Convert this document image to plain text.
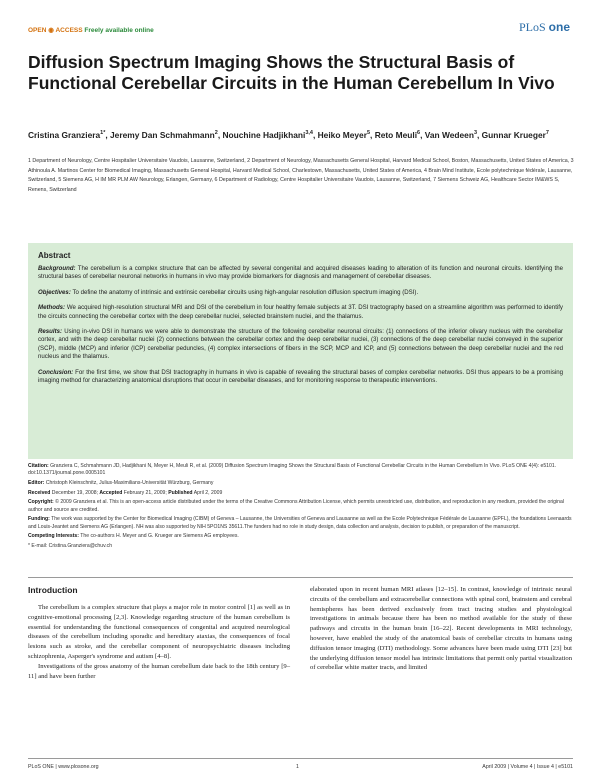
OPEN ◉ ACCESS Freely available online	PLoS one
Diffusion Spectrum Imaging Shows the Structural Basis of Functional Cerebellar Circuits in the Human Cerebellum In Vivo
Cristina Granziera$^{1*}$, Jeremy Dan Schmahmann$^2$, Nouchine Hadjikhani$^{3,4}$, Heiko Meyer$^5$, Reto Meuli$^6$, Van Wedeen$^3$, Gunnar Krueger$^7$
1 Department of Neurology, Centre Hospitalier Universitaire Vaudois, Lausanne, Switzerland, 2 Department of Neurology, Massachusetts General Hospital, Harvard Medical School, Boston, Massachusetts, United States of America, 3 Athinoula A. Martinos Center for Biomedical Imaging, Massachusetts General Hospital, Harvard Medical School, Charlestown, Massachusetts, United States of America, 4 Brain Mind Institute, Ecole polytechnique fédérale, Lausanne, Switzerland, 5 Siemens AG, H IM MR PLM AW Neurology, Erlangen, Germany, 6 Department of Radiology, Centre Hospitalier Universitaire Vaudois, Lausanne, Switzerland, 7 Siemens Schweiz AG, Healthcare Sector IM&WS S, Renens, Switzerland
Abstract

Background: The cerebellum is a complex structure that can be affected by several congenital and acquired diseases leading to alteration of its function and neuronal circuits. Identifying the structural bases of cerebellar neuronal networks in humans in vivo may provide biomarkers for diagnosis and management of cerebellar diseases.

Objectives: To define the anatomy of intrinsic and extrinsic cerebellar circuits using high-angular resolution diffusion spectrum imaging (DSI).

Methods: We acquired high-resolution structural MRI and DSI of the cerebellum in four healthy female subjects at 3T. DSI tractography based on a streamline algorithm was performed to identify the circuits connecting the cerebellar cortex with the deep cerebellar nuclei, selected brainstem nuclei, and the thalamus.

Results: Using in-vivo DSI in humans we were able to demonstrate the structure of the following cerebellar neuronal circuits: (1) connections of the inferior olivary nucleus with the cerebellar cortex, and with the deep cerebellar nuclei (2) connections between the cerebellar cortex and the deep cerebellar nuclei, (3) connections of the deep cerebellar nuclei conveyed in the superior (SCP), middle (MCP) and inferior (ICP) cerebellar peduncles, (4) complex intersections of fibers in the SCP, MCP and ICP, and (5) connections between the deep cerebellar nuclei and the red nucleus and the thalamus.

Conclusion: For the first time, we show that DSI tractography in humans in vivo is capable of revealing the structural bases of complex cerebellar networks. DSI thus appears to be a promising imaging method for characterizing anatomical disruptions that occur in cerebellar diseases, and for monitoring response to therapeutic interventions.

Citation: Granziera C, Schmahmann JD, Hadjikhani N, Meyer H, Meuli R, et al. (2009) Diffusion Spectrum Imaging Shows the Structural Basis of Functional Cerebellar Circuits in the Human Cerebellum In Vivo. PLoS ONE 4(4): e5101. doi:10.1371/journal.pone.0005101
Editor: Christoph Kleinschnitz, Julius-Maximilians-Universität Würzburg, Germany
Received December 19, 2008; Accepted February 21, 2009; Published April 2, 2009
Copyright: © 2009 Granziera et al. This is an open-access article distributed under the terms of the Creative Commons Attribution License, which permits unrestricted use, distribution, and reproduction in any medium, provided the original author and source are credited.
Funding: The work was supported by the Center for Biomedical Imaging (CIBM) of Geneva – Lausanne, the Universities of Geneva and Lausanne as well as the Ecole Polytechnique Fédérale de Lausanne (EPFL), the foundations Leenaards and Louis-Jeantet and Siemens AG (Erlangen). NH was also supported by NIH 5PO1NS 35611.The funders had no role in study design, data collection and analysis, decision to publish, or preparation of the manuscript.
Competing Interests: The co-authors H. Meyer and G. Krueger are Siemens AG employees.
* E-mail: Cristina.Granziera@chuv.ch
Introduction

The cerebellum is a complex structure that plays a major role in motor control [1] as well as in cognitive-emotional processing [2,3]. Knowledge regarding structure of the human cerebellum is essential for understanding the functional consequences of congenital and acquired neurological diseases of the cerebellum including sporadic and hereditary ataxias, the consequences of focal lesions such as stroke, and the cerebellar component of neuropsychiatric diseases including schizophrenia, Asperger's syndrome and autism [4–8].

Investigations of the gross anatomy of the human cerebellum date back to the 18th century [9–11] and have been further

elaborated upon in recent human MRI atlases [12–15]. In contrast, knowledge of intrinsic neural circuits of the cerebellum and extracerebellar connections with spinal cord, brainstem and cerebral hemispheres has been derived exclusively from tract tracing studies and physiological investigations in animals because there has been no method available for the study of these pathways and circuits in the human brain [16–22]. Recent developments in MRI technology, however, have enabled the study of the anatomical basis of cerebellar circuits in humans using diffusion tensor imaging (DTI) methodology. Some advances have been made using DTI [23] but the underlying diffusion tensor model has intrinsic limitations that permit only partial visualization of cerebellar white matter tracts, and limited

PLoS ONE | www.plosone.org	1	April 2009 | Volume 4 | Issue 4 | e5101
